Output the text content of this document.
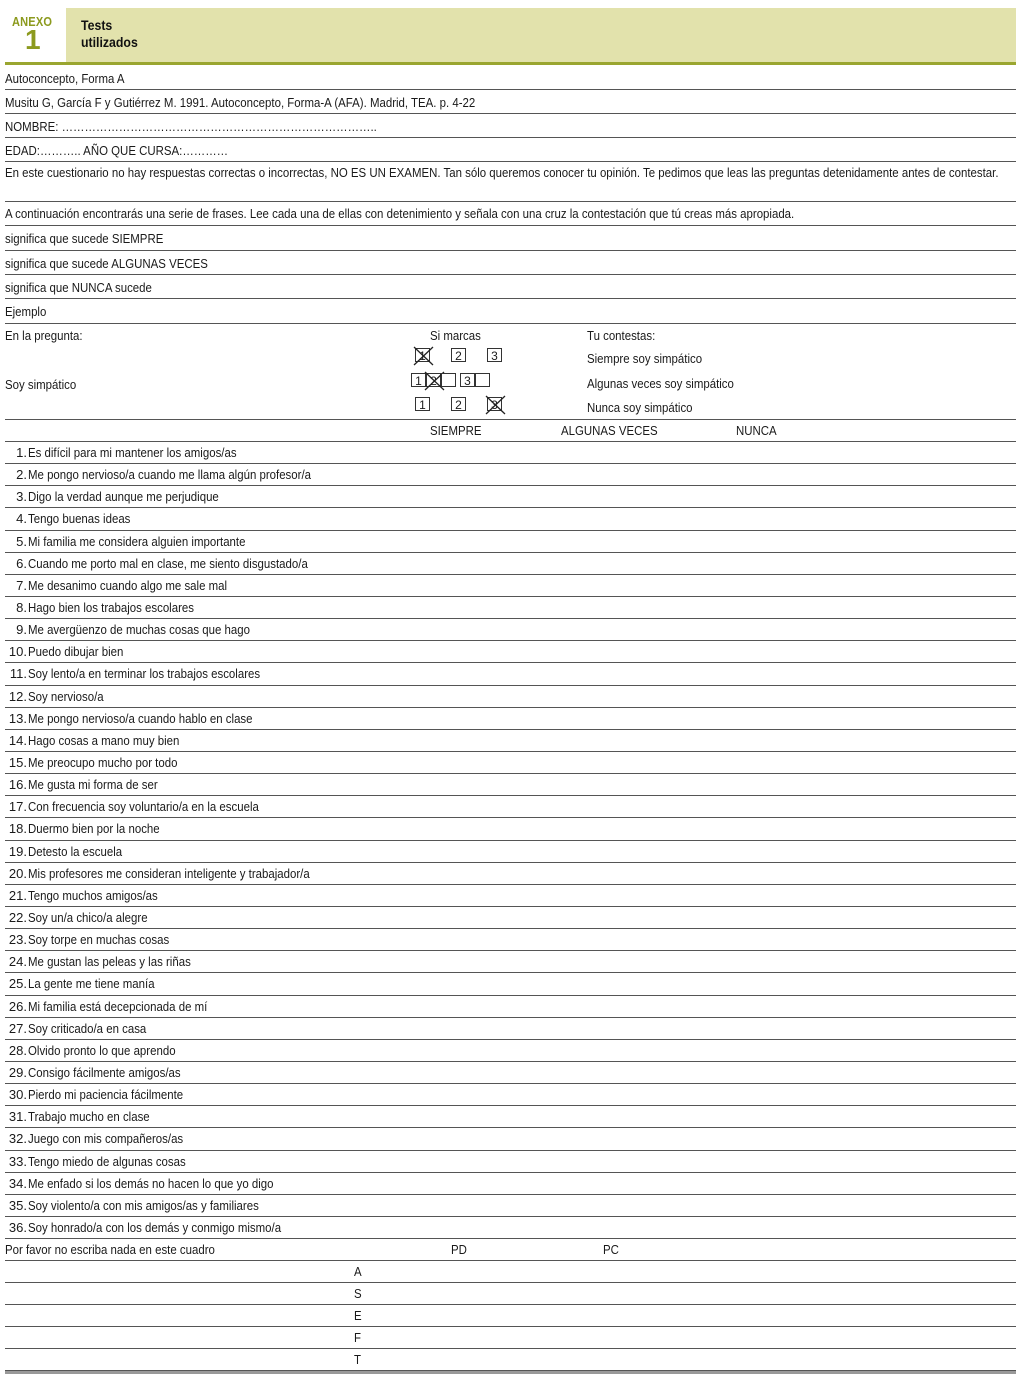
ANEXO
1	Tests
utilizados
Autoconcepto, Forma A
Musitu G, García F y Gutiérrez M. 1991. Autoconcepto, Forma-A (AFA). Madrid, TEA. p. 4-22
NOMBRE: ………………………………………………………………………..
EDAD:……….. AÑO QUE CURSA:…………
En este cuestionario no hay respuestas correctas o incorrectas, NO ES UN EXAMEN. Tan sólo queremos conocer tu opinión. Te pedimos que leas las preguntas detenidamente antes de contestar.
A continuación encontrarás una serie de frases. Lee cada una de ellas con detenimiento y señala con una cruz la contestación que tú creas más apropiada.
significa que sucede SIEMPRE
significa que sucede ALGUNAS VECES
significa que NUNCA sucede
Ejemplo
En la pregunta:	Si marcas	Tu contestas:
Soy simpático
1	2	3	Siempre soy simpático
1 2	3	Algunas veces soy simpático
1	2	3	Nunca soy simpático
SIEMPRE	ALGUNAS VECES	NUNCA
1. Es difícil para mi mantener los amigos/as
2. Me pongo nervioso/a cuando me llama algún profesor/a
3. Digo la verdad aunque me perjudique
4. Tengo buenas ideas
5. Mi familia me considera alguien importante
6. Cuando me porto mal en clase, me siento disgustado/a
7. Me desanimo cuando algo me sale mal
8. Hago bien los trabajos escolares
9. Me avergüenzo de muchas cosas que hago
10. Puedo dibujar bien
11. Soy lento/a en terminar los trabajos escolares
12. Soy nervioso/a
13. Me pongo nervioso/a cuando hablo en clase
14. Hago cosas a mano muy bien
15. Me preocupo mucho por todo
16. Me gusta mi forma de ser
17. Con frecuencia soy voluntario/a en la escuela
18. Duermo bien por la noche
19. Detesto la escuela
20. Mis profesores me consideran inteligente y trabajador/a
21. Tengo muchos amigos/as
22. Soy un/a chico/a alegre
23. Soy torpe en muchas cosas
24. Me gustan las peleas y las riñas
25. La gente me tiene manía
26. Mi familia está decepcionada de mí
27. Soy criticado/a en casa
28. Olvido pronto lo que aprendo
29. Consigo fácilmente amigos/as
30. Pierdo mi paciencia fácilmente
31. Trabajo mucho en clase
32. Juego con mis compañeros/as
33. Tengo miedo de algunas cosas
34. Me enfado si los demás no hacen lo que yo digo
35. Soy violento/a con mis amigos/as y familiares
36. Soy honrado/a con los demás y conmigo mismo/a
Por favor no escriba nada en este cuadro	PD	PC
A
S
E
F
T
